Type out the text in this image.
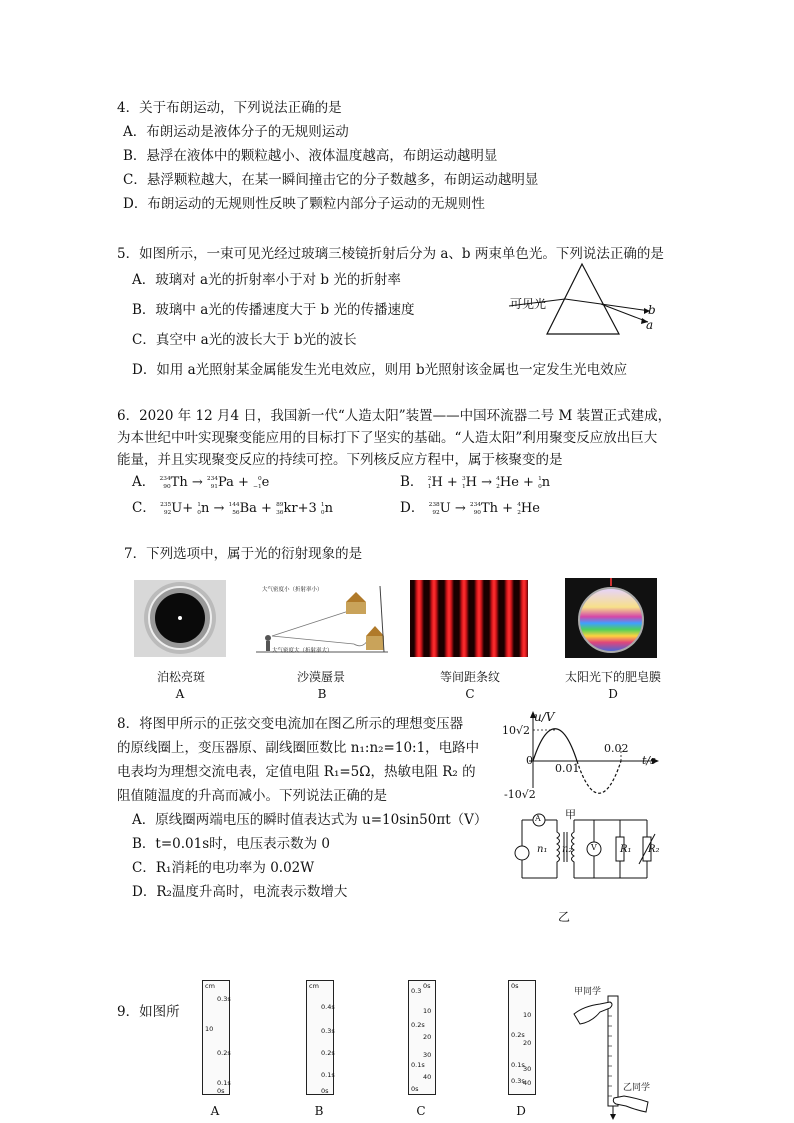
4．关于布朗运动，下列说法正确的是
A．布朗运动是液体分子的无规则运动
B．悬浮在液体中的颗粒越小、液体温度越高，布朗运动越明显
C．悬浮颗粒越大，在某一瞬间撞击它的分子数越多，布朗运动越明显
D．布朗运动的无规则性反映了颗粒内部分子运动的无规则性
5．如图所示，一束可见光经过玻璃三棱镜折射后分为 a、b 两束单色光。下列说法正确的是
A．玻璃对 a光的折射率小于对 b 光的折射率
B．玻璃中 a光的传播速度大于 b 光的传播速度
C．真空中 a光的波长大于 b光的波长
D．如用 a光照射某金属能发生光电效应，则用 b光照射该金属也一定发生光电效应
可见光	b
a
6．2020 年 12 月4 日，我国新一代“人造太阳”装置——中国环流器二号 M 装置正式建成，
为本世纪中叶实现聚变能应用的目标打下了坚实的基础。“人造太阳”利用聚变反应放出巨大
能量，并且实现聚变反应的持续可控。下列核反应方程中，属于核聚变的是
A． 234
90 Th → 234
91 Pa + 0
−1 e	B． 2
1 H + 3
1 H → 4
2 He + 1
0 n
C． 235
92 U+ 1
0 n → 144
56 Ba + 89
36 kr+3 1
0 n	D． 238
92 U → 234
90 Th + 4
2 He
7．下列选项中，属于光的衍射现象的是
大气密度小（折射率小）
大气密度大（折射率大）
泊松亮斑	沙漠蜃景	等间距条纹	太阳光下的肥皂膜
A	B	C	D
8．将图甲所示的正弦交变电流加在图乙所示的理想变压器
的原线圈上，变压器原、副线圈匝数比 n₁:n₂=10:1，电路中
电表均为理想交流电表，定值电阻 R₁=5Ω，热敏电阻 R₂ 的
阻值随温度的升高而减小。下列说法正确的是
A．原线圈两端电压的瞬时值表达式为 u=10sin50πt（V）
B．t=0.01s时，电压表示数为 0
C．R₁消耗的电功率为 0.02W
D．R₂温度升高时，电流表示数增大
u/V
10√2
0
0.01
0.02
t/s
-10√2
甲
A
V
n₁ n₂	R₁ R₂
乙
9．如图所
cm
0.3s
10
0.2s
0.1s
0s
cm
0.4s
0.3s
0.2s
0.1s
0s
0s
0.3
10
0.2s
20
30
0.1s
40
0s
0s
10
0.2s
20
0.1s
30
0.3s
40
A	B	C	D
甲同学
乙同学
